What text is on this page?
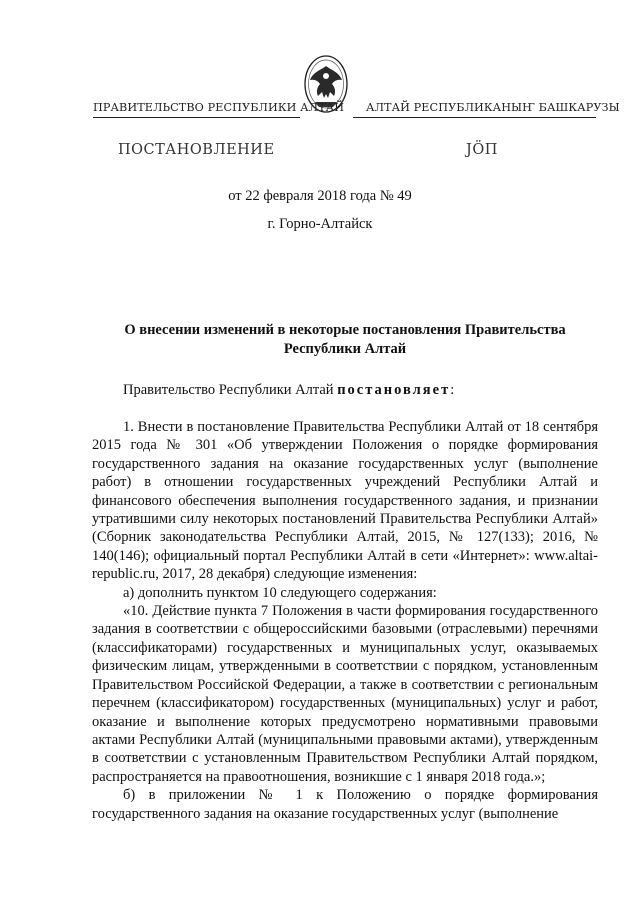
ПРАВИТЕЛЬСТВО РЕСПУБЛИКИ АЛТАЙ АЛТАЙ РЕСПУБЛИКАНЫҤ БАШКАРУЗЫ
ПОСТАНОВЛЕНИЕ	ЈӦП
от 22 февраля 2018 года № 49
г. Горно-Алтайск
О внесении изменений в некоторые постановления Правительства
Республики Алтай
Правительство Республики Алтай постановляет:

1. Внести в постановление Правительства Республики Алтай от 18 сентября 2015 года № 301 «Об утверждении Положения о порядке формирования государственного задания на оказание государственных услуг (выполнение работ) в отношении государственных учреждений Республики Алтай и финансового обеспечения выполнения государственного задания, и признании утратившими силу некоторых постановлений Правительства Республики Алтай» (Сборник законодательства Республики Алтай, 2015, № 127(133); 2016, № 140(146); официальный портал Республики Алтай в сети «Интернет»: www.altai-republic.ru, 2017, 28 декабря) следующие изменения:

а) дополнить пунктом 10 следующего содержания:

«10. Действие пункта 7 Положения в части формирования государственного задания в соответствии с общероссийскими базовыми (отраслевыми) перечнями (классификаторами) государственных и муниципальных услуг, оказываемых физическим лицам, утвержденными в соответствии с порядком, установленным Правительством Российской Федерации, а также в соответствии с региональным перечнем (классификатором) государственных (муниципальных) услуг и работ, оказание и выполнение которых предусмотрено нормативными правовыми актами Республики Алтай (муниципальными правовыми актами), утвержденным в соответствии с установленным Правительством Республики Алтай порядком, распространяется на правоотношения, возникшие с 1 января 2018 года.»;

б) в приложении № 1 к Положению о порядке формирования государственного задания на оказание государственных услуг (выполнение
